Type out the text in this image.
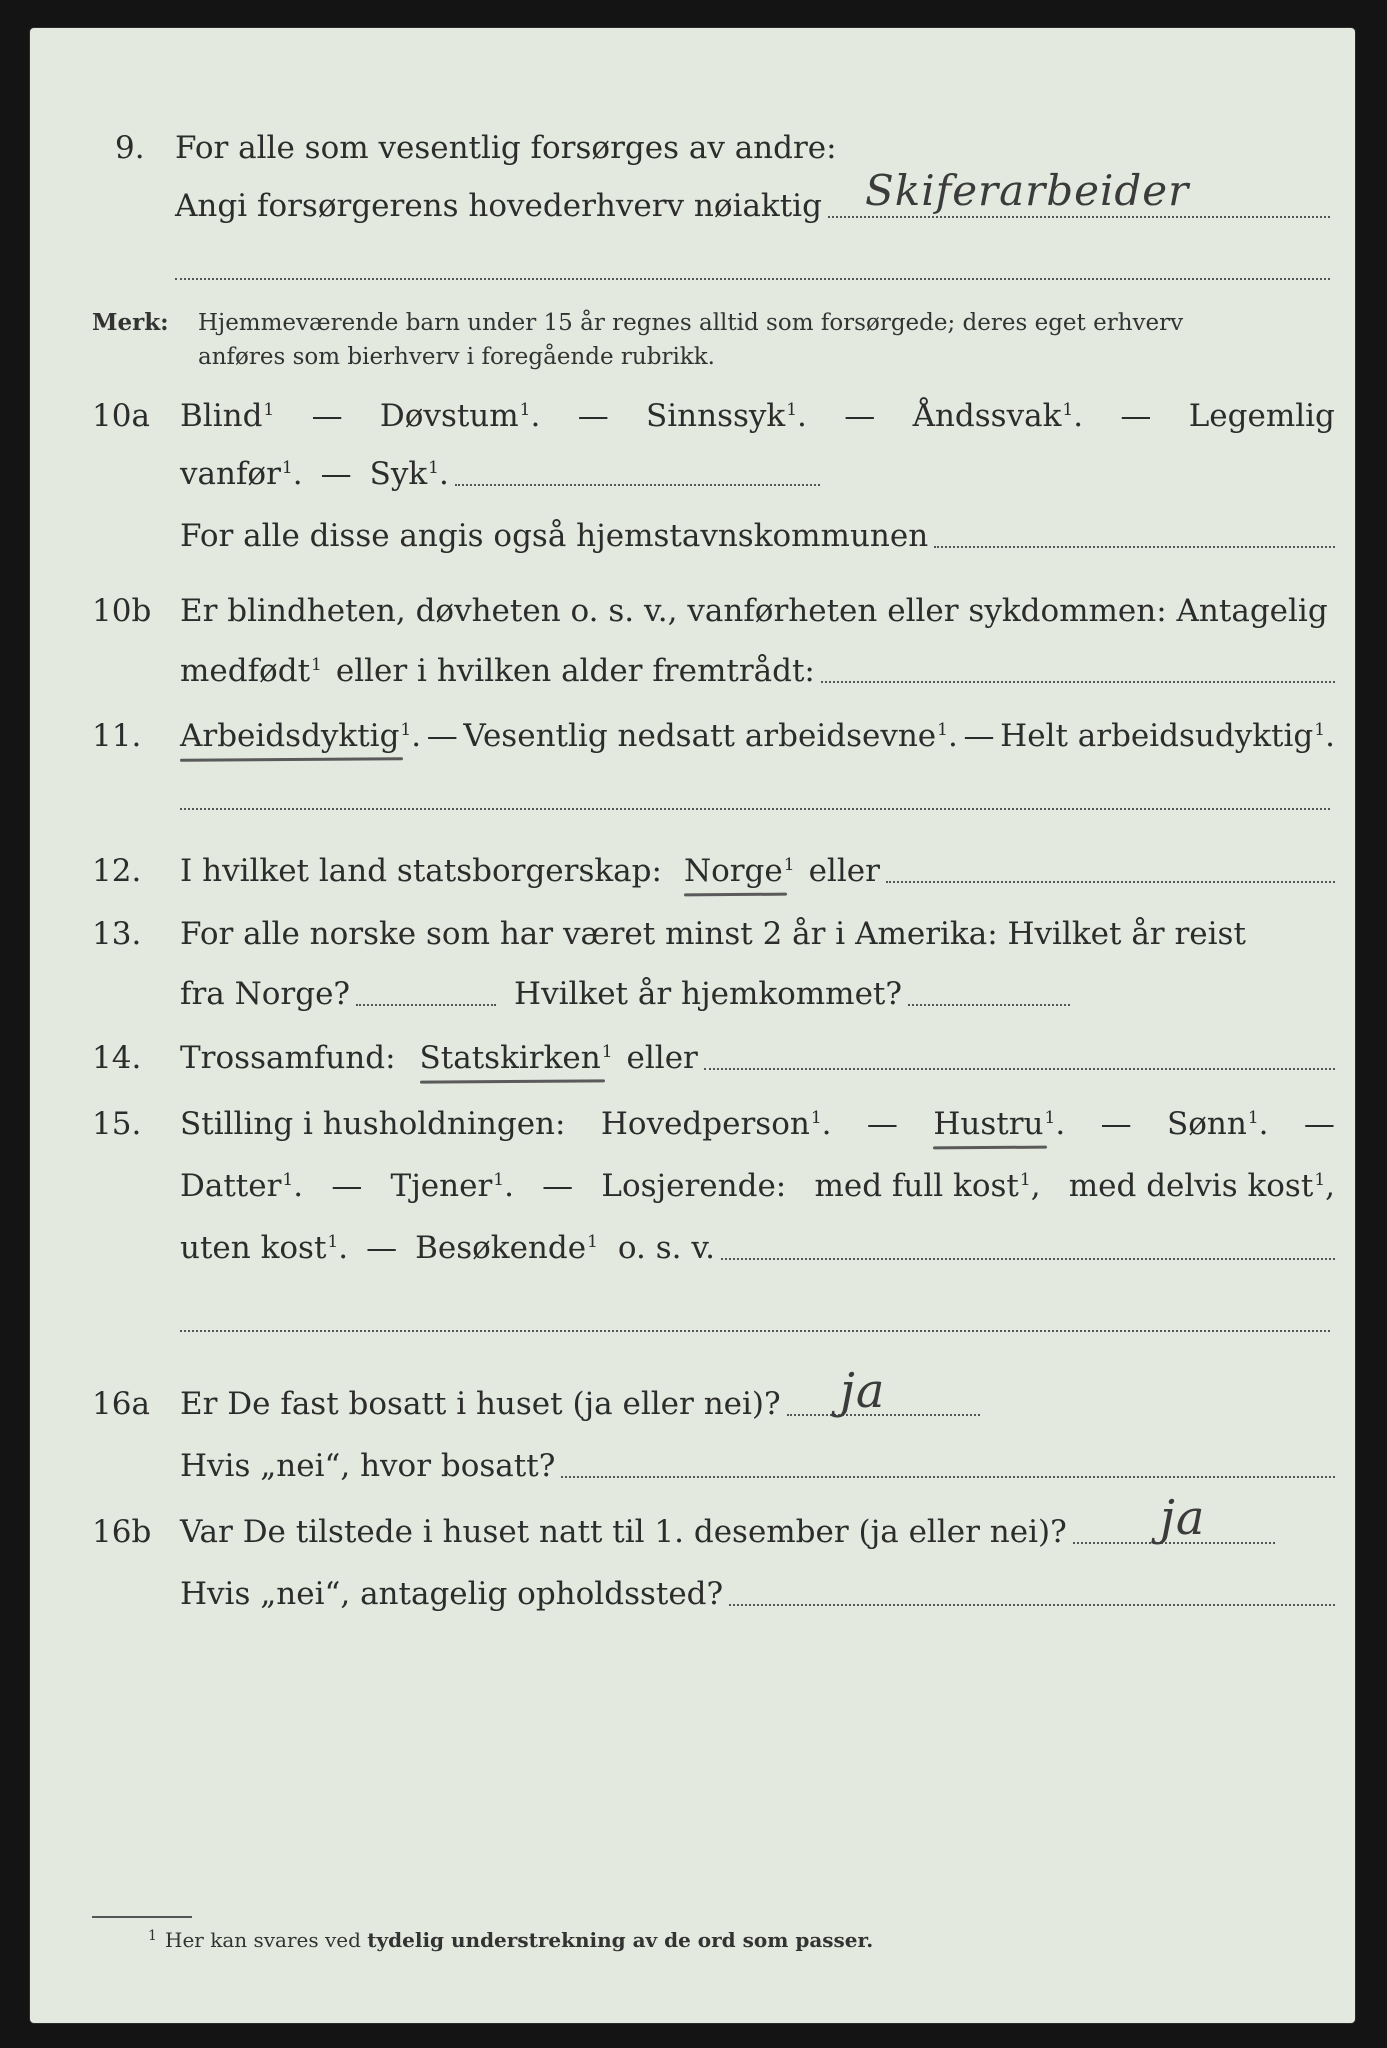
9. For alle som vesentlig forsørges av andre:
Angi forsørgerens hovederhverv nøiaktig Skiferarbeider
Merk: Hjemmeværende barn under 15 år regnes alltid som forsørgede; deres eget erhverv
anføres som bierhverv i foregående rubrikk.
10a Blind$^1$ — Døvstum$^1$. — Sinnssyk$^1$. — Åndssvak$^1$. — Legemlig
vanfør$^1$. — Syk$^1$.
For alle disse angis også hjemstavnskommunen
10b Er blindheten, døvheten o. s. v., vanførheten eller sykdommen: Antagelig
medfødt$^1$ eller i hvilken alder fremtrådt:
11. Arbeidsdyktig$^1$. — Vesentlig nedsatt arbeidsevne$^1$. — Helt arbeidsudyktig$^1$.
12. I hvilket land statsborgerskap: Norge$^1$ eller
13. For alle norske som har været minst 2 år i Amerika: Hvilket år reist
fra Norge?	Hvilket år hjemkommet?
14. Trossamfund: Statskirken$^1$ eller
15. Stilling i husholdningen: Hovedperson$^1$. — Hustru$^1$. — Sønn$^1$. —
Datter$^1$. — Tjener$^1$. — Losjerende: med full kost$^1$, med delvis kost$^1$,
uten kost$^1$. — Besøkende$^1$ o. s. v.
16a Er De fast bosatt i huset (ja eller nei)? ja
Hvis „nei“, hvor bosatt?
16b Var De tilstede i huset natt til 1. desember (ja eller nei)? ja
Hvis „nei“, antagelig opholdssted?
1 Her kan svares ved tydelig understrekning av de ord som passer.
